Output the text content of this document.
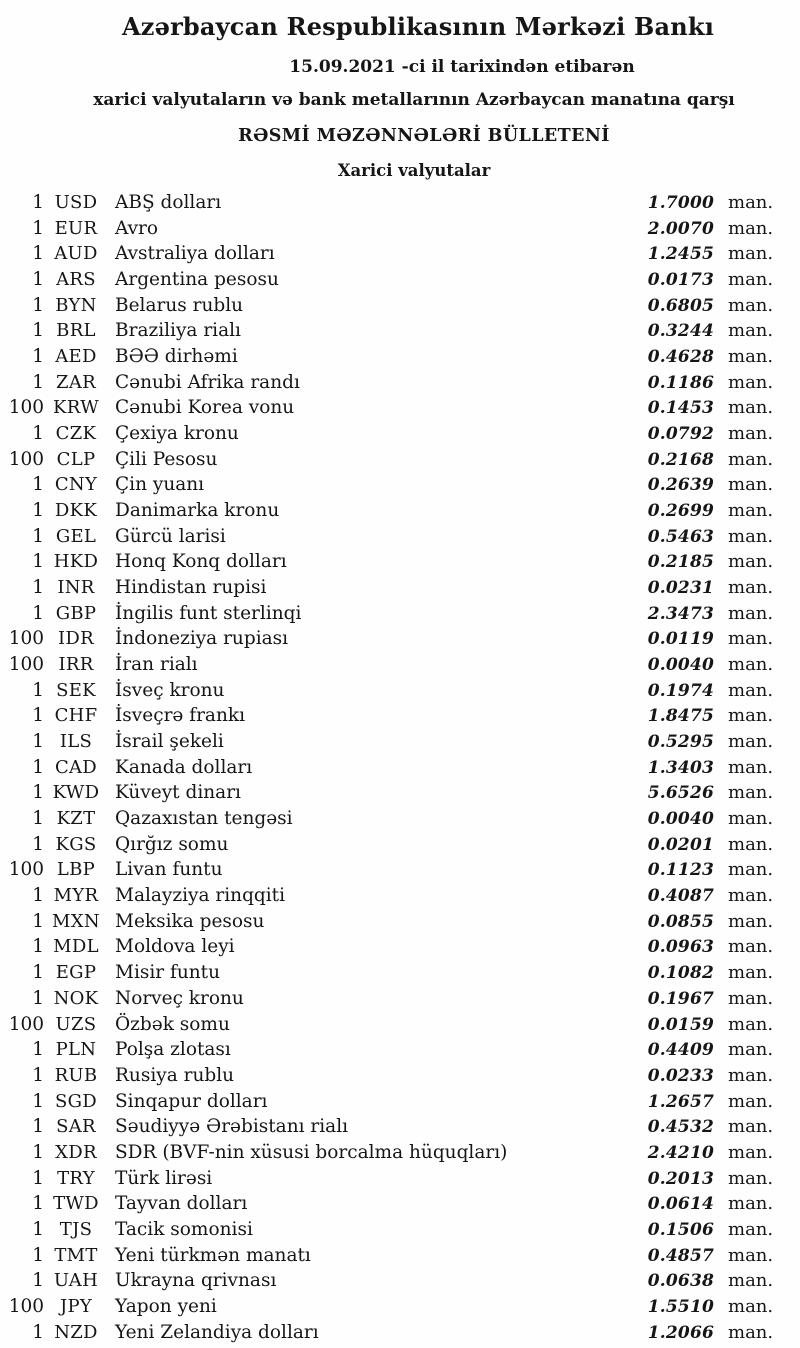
Azərbaycan Respublikasının Mərkəzi Bankı
15.09.2021 -ci il tarixindən etibarən
xarici valyutaların və bank metallarının Azərbaycan manatına qarşı
RƏSMİ MƏZƏNNƏLƏRİ BÜLLETENİ
Xarici valyutalar
1 USD ABŞ dolları	1.7000 man.
1 EUR Avro	2.0070 man.
1 AUD Avstraliya dolları	1.2455 man.
1 ARS	Argentina pesosu	0.0173 man.
1 BYN Belarus rublu	0.6805 man.
1 BRL	Braziliya rialı	0.3244 man.
1 AED BƏƏ dirhəmi	0.4628 man.
1 ZAR	Cənubi Afrika randı	0.1186 man.
100 KRW Cənubi Korea vonu	0.1453 man.
1 CZK	Çexiya kronu	0.0792 man.
100 CLP	Çili Pesosu	0.2168 man.
1 CNY Çin yuanı	0.2639 man.
1 DKK Danimarka kronu	0.2699 man.
1 GEL	Gürcü larisi	0.5463 man.
1 HKD Honq Konq dolları	0.2185 man.
1 INR	Hindistan rupisi	0.0231 man.
1 GBP	İngilis funt sterlinqi	2.3473 man.
100 IDR	İndoneziya rupiası	0.0119 man.
100 IRR	İran rialı	0.0040 man.
1 SEK	İsveç kronu	0.1974 man.
1 CHF İsveçrə frankı	1.8475 man.
1 ILS	İsrail şekeli	0.5295 man.
1 CAD Kanada dolları	1.3403 man.
1 KWD Küveyt dinarı	5.6526 man.
1 KZT	Qazaxıstan tengəsi	0.0040 man.
1 KGS Qırğız somu	0.0201 man.
100 LBP	Livan funtu	0.1123 man.
1 MYR Malayziya rinqqiti	0.4087 man.
1 MXN Meksika pesosu	0.0855 man.
1 MDL Moldova leyi	0.0963 man.
1 EGP	Misir funtu	0.1082 man.
1 NOK Norveç kronu	0.1967 man.
100 UZS	Özbək somu	0.0159 man.
1 PLN	Polşa zlotası	0.4409 man.
1 RUB Rusiya rublu	0.0233 man.
1 SGD Sinqapur dolları	1.2657 man.
1 SAR	Səudiyyə Ərəbistanı rialı	0.4532 man.
1 XDR SDR (BVF-nin xüsusi borcalma hüquqları)	2.4210 man.
1 TRY	Türk lirəsi	0.2013 man.
1 TWD Tayvan dolları	0.0614 man.
1 TJS	Tacik somonisi	0.1506 man.
1 TMT Yeni türkmən manatı	0.4857 man.
1 UAH Ukrayna qrivnası	0.0638 man.
100 JPY	Yapon yeni	1.5510 man.
1 NZD Yeni Zelandiya dolları	1.2066 man.
